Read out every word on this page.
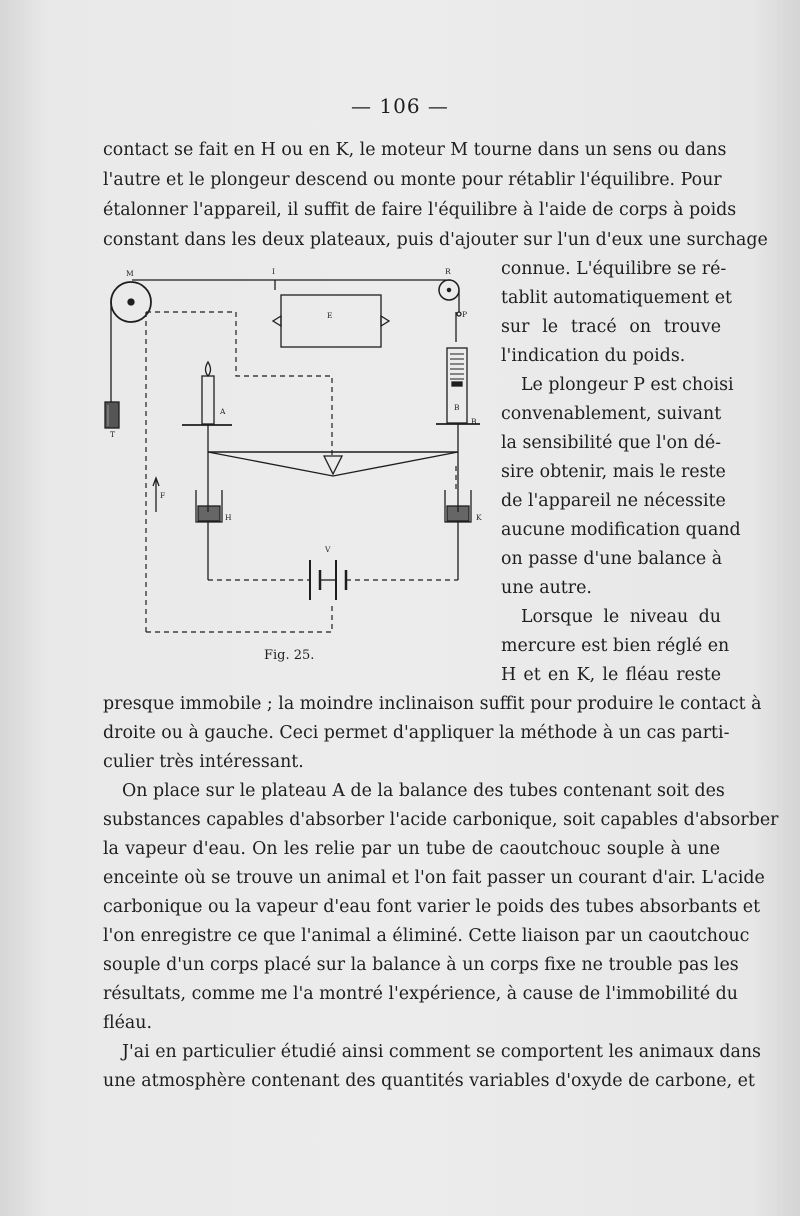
— 106 —
contact se fait en H ou en K, le moteur M tourne dans un sens ou dans
l'autre et le plongeur descend ou monte pour rétablir l'équilibre. Pour
étalonner l'appareil, il suffit de faire l'équilibre à l'aide de corps à poids
constant dans les deux plateaux, puis d'ajouter sur l'un d'eux une surchage
M	I	R
E	P
A	B
B
T
F
H	K
V
Fig. 25.
connue. L'équilibre se ré-
tablit automatiquement et
sur le tracé on trouve
l'indication du poids.
Le plongeur P est choisi
convenablement, suivant
la sensibilité que l'on dé-
sire obtenir, mais le reste
de l'appareil ne nécessite
aucune modification quand
on passe d'une balance à
une autre.
Lorsque le niveau du
mercure est bien réglé en
H et en K, le fléau reste
presque immobile ; la moindre inclinaison suffit pour produire le contact à
droite ou à gauche. Ceci permet d'appliquer la méthode à un cas parti-
culier très intéressant.
On place sur le plateau A de la balance des tubes contenant soit des
substances capables d'absorber l'acide carbonique, soit capables d'absorber
la vapeur d'eau. On les relie par un tube de caoutchouc souple à une
enceinte où se trouve un animal et l'on fait passer un courant d'air. L'acide
carbonique ou la vapeur d'eau font varier le poids des tubes absorbants et
l'on enregistre ce que l'animal a éliminé. Cette liaison par un caoutchouc
souple d'un corps placé sur la balance à un corps fixe ne trouble pas les
résultats, comme me l'a montré l'expérience, à cause de l'immobilité du
fléau.
J'ai en particulier étudié ainsi comment se comportent les animaux dans
une atmosphère contenant des quantités variables d'oxyde de carbone, et
